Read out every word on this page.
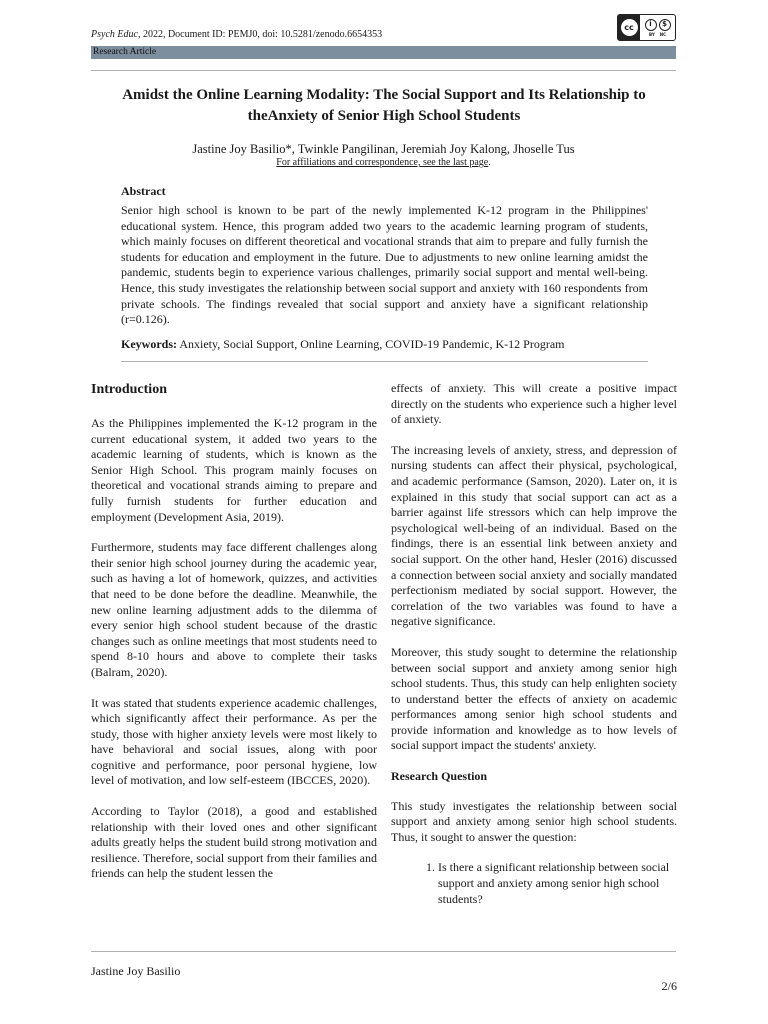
Psych Educ, 2022, Document ID: PEMJ0, doi: 10.5281/zenodo.6654353
cc	i	$
BY NC
Research Article
Amidst the Online Learning Modality: The Social Support and Its Relationship to
theAnxiety of Senior High School Students
Jastine Joy Basilio*, Twinkle Pangilinan, Jeremiah Joy Kalong, Jhoselle Tus
For affiliations and correspondence, see the last page.
Abstract
Senior high school is known to be part of the newly implemented K-12 program in the Philippines' educational system. Hence, this program added two years to the academic learning program of students, which mainly focuses on different theoretical and vocational strands that aim to prepare and fully furnish the students for education and employment in the future. Due to adjustments to new online learning amidst the pandemic, students begin to experience various challenges, primarily social support and mental well-being. Hence, this study investigates the relationship between social support and anxiety with 160 respondents from private schools. The findings revealed that social support and anxiety have a significant relationship (r=0.126).
Keywords: Anxiety, Social Support, Online Learning, COVID-19 Pandemic, K-12 Program
Introduction

As the Philippines implemented the K-12 program in the current educational system, it added two years to the academic learning of students, which is known as the Senior High School. This program mainly focuses on theoretical and vocational strands aiming to prepare and fully furnish students for further education and employment (Development Asia, 2019).

Furthermore, students may face different challenges along their senior high school journey during the academic year, such as having a lot of homework, quizzes, and activities that need to be done before the deadline. Meanwhile, the new online learning adjustment adds to the dilemma of every senior high school student because of the drastic changes such as online meetings that most students need to spend 8-10 hours and above to complete their tasks (Balram, 2020).

It was stated that students experience academic challenges, which significantly affect their performance. As per the study, those with higher anxiety levels were most likely to have behavioral and social issues, along with poor cognitive and performance, poor personal hygiene, low level of motivation, and low self-esteem (IBCCES, 2020).

According to Taylor (2018), a good and established relationship with their loved ones and other significant adults greatly helps the student build strong motivation and resilience. Therefore, social support from their families and friends can help the student lessen the

effects of anxiety. This will create a positive impact directly on the students who experience such a higher level of anxiety.

The increasing levels of anxiety, stress, and depression of nursing students can affect their physical, psychological, and academic performance (Samson, 2020). Later on, it is explained in this study that social support can act as a barrier against life stressors which can help improve the psychological well-being of an individual. Based on the findings, there is an essential link between anxiety and social support. On the other hand, Hesler (2016) discussed a connection between social anxiety and socially mandated perfectionism mediated by social support. However, the correlation of the two variables was found to have a negative significance.

Moreover, this study sought to determine the relationship between social support and anxiety among senior high school students. Thus, this study can help enlighten society to understand better the effects of anxiety on academic performances among senior high school students and provide information and knowledge as to how levels of social support impact the students' anxiety.

Research Question

This study investigates the relationship between social support and anxiety among senior high school students. Thus, it sought to answer the question:

1. Is there a significant relationship between social support and anxiety among senior high school students?
Jastine Joy Basilio
2/6
